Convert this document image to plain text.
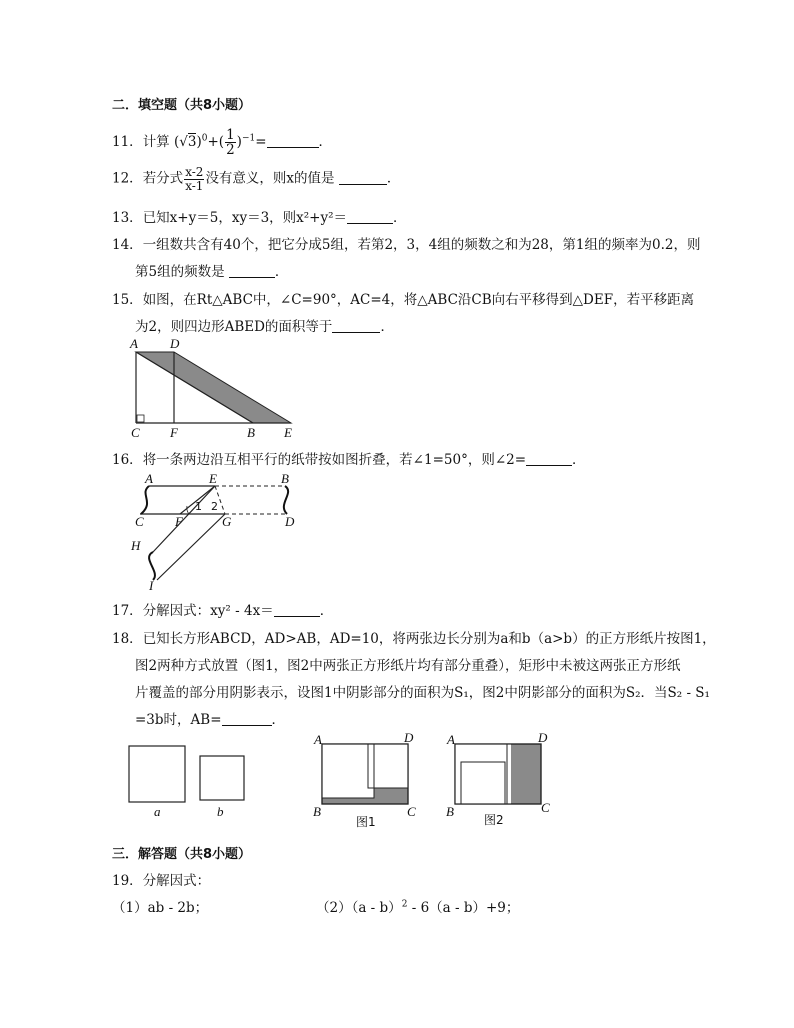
二．填空题（共8小题）
11．计算 $(√3)^0+( \frac{1}{2} )^{-1}=$	．
12．若分式 $\frac{x-2}{x-1}$ 没有意义，则x的值是	．
13．已知x+y＝5，xy＝3，则x²+y²＝	．
14．一组数共含有40个，把它分成5组，若第2，3，4组的频数之和为28，第1组的频率为0.2，则
第5组的频数是	．
15．如图，在Rt△ABC中，∠C=90°，AC=4，将△ABC沿CB向右平移得到△DEF，若平移距离
为2，则四边形ABED的面积等于	．
A D
C F	B E
16．将一条两边沿互相平行的纸带按如图折叠，若∠1=50°，则∠2=	．
A	E	B
C F	G	D
H
I
1 2
17．分解因式：xy² - 4x＝	．
18．已知长方形ABCD，AD>AB，AD=10，将两张边长分别为a和b（a>b）的正方形纸片按图1，
图2两种方式放置（图1，图2中两张正方形纸片均有部分重叠），矩形中未被这两张正方形纸
片覆盖的部分用阴影表示，设图1中阴影部分的面积为S₁，图2中阴影部分的面积为S₂．当S₂ - S₁
=3b时，AB=	．
a	b
A	D
B	C
图1
A	D
B	C
图2
三．解答题（共8小题）
19．分解因式：
（1）ab - 2b；	（2）（a - b）$^2$ - 6（a - b）+9；
